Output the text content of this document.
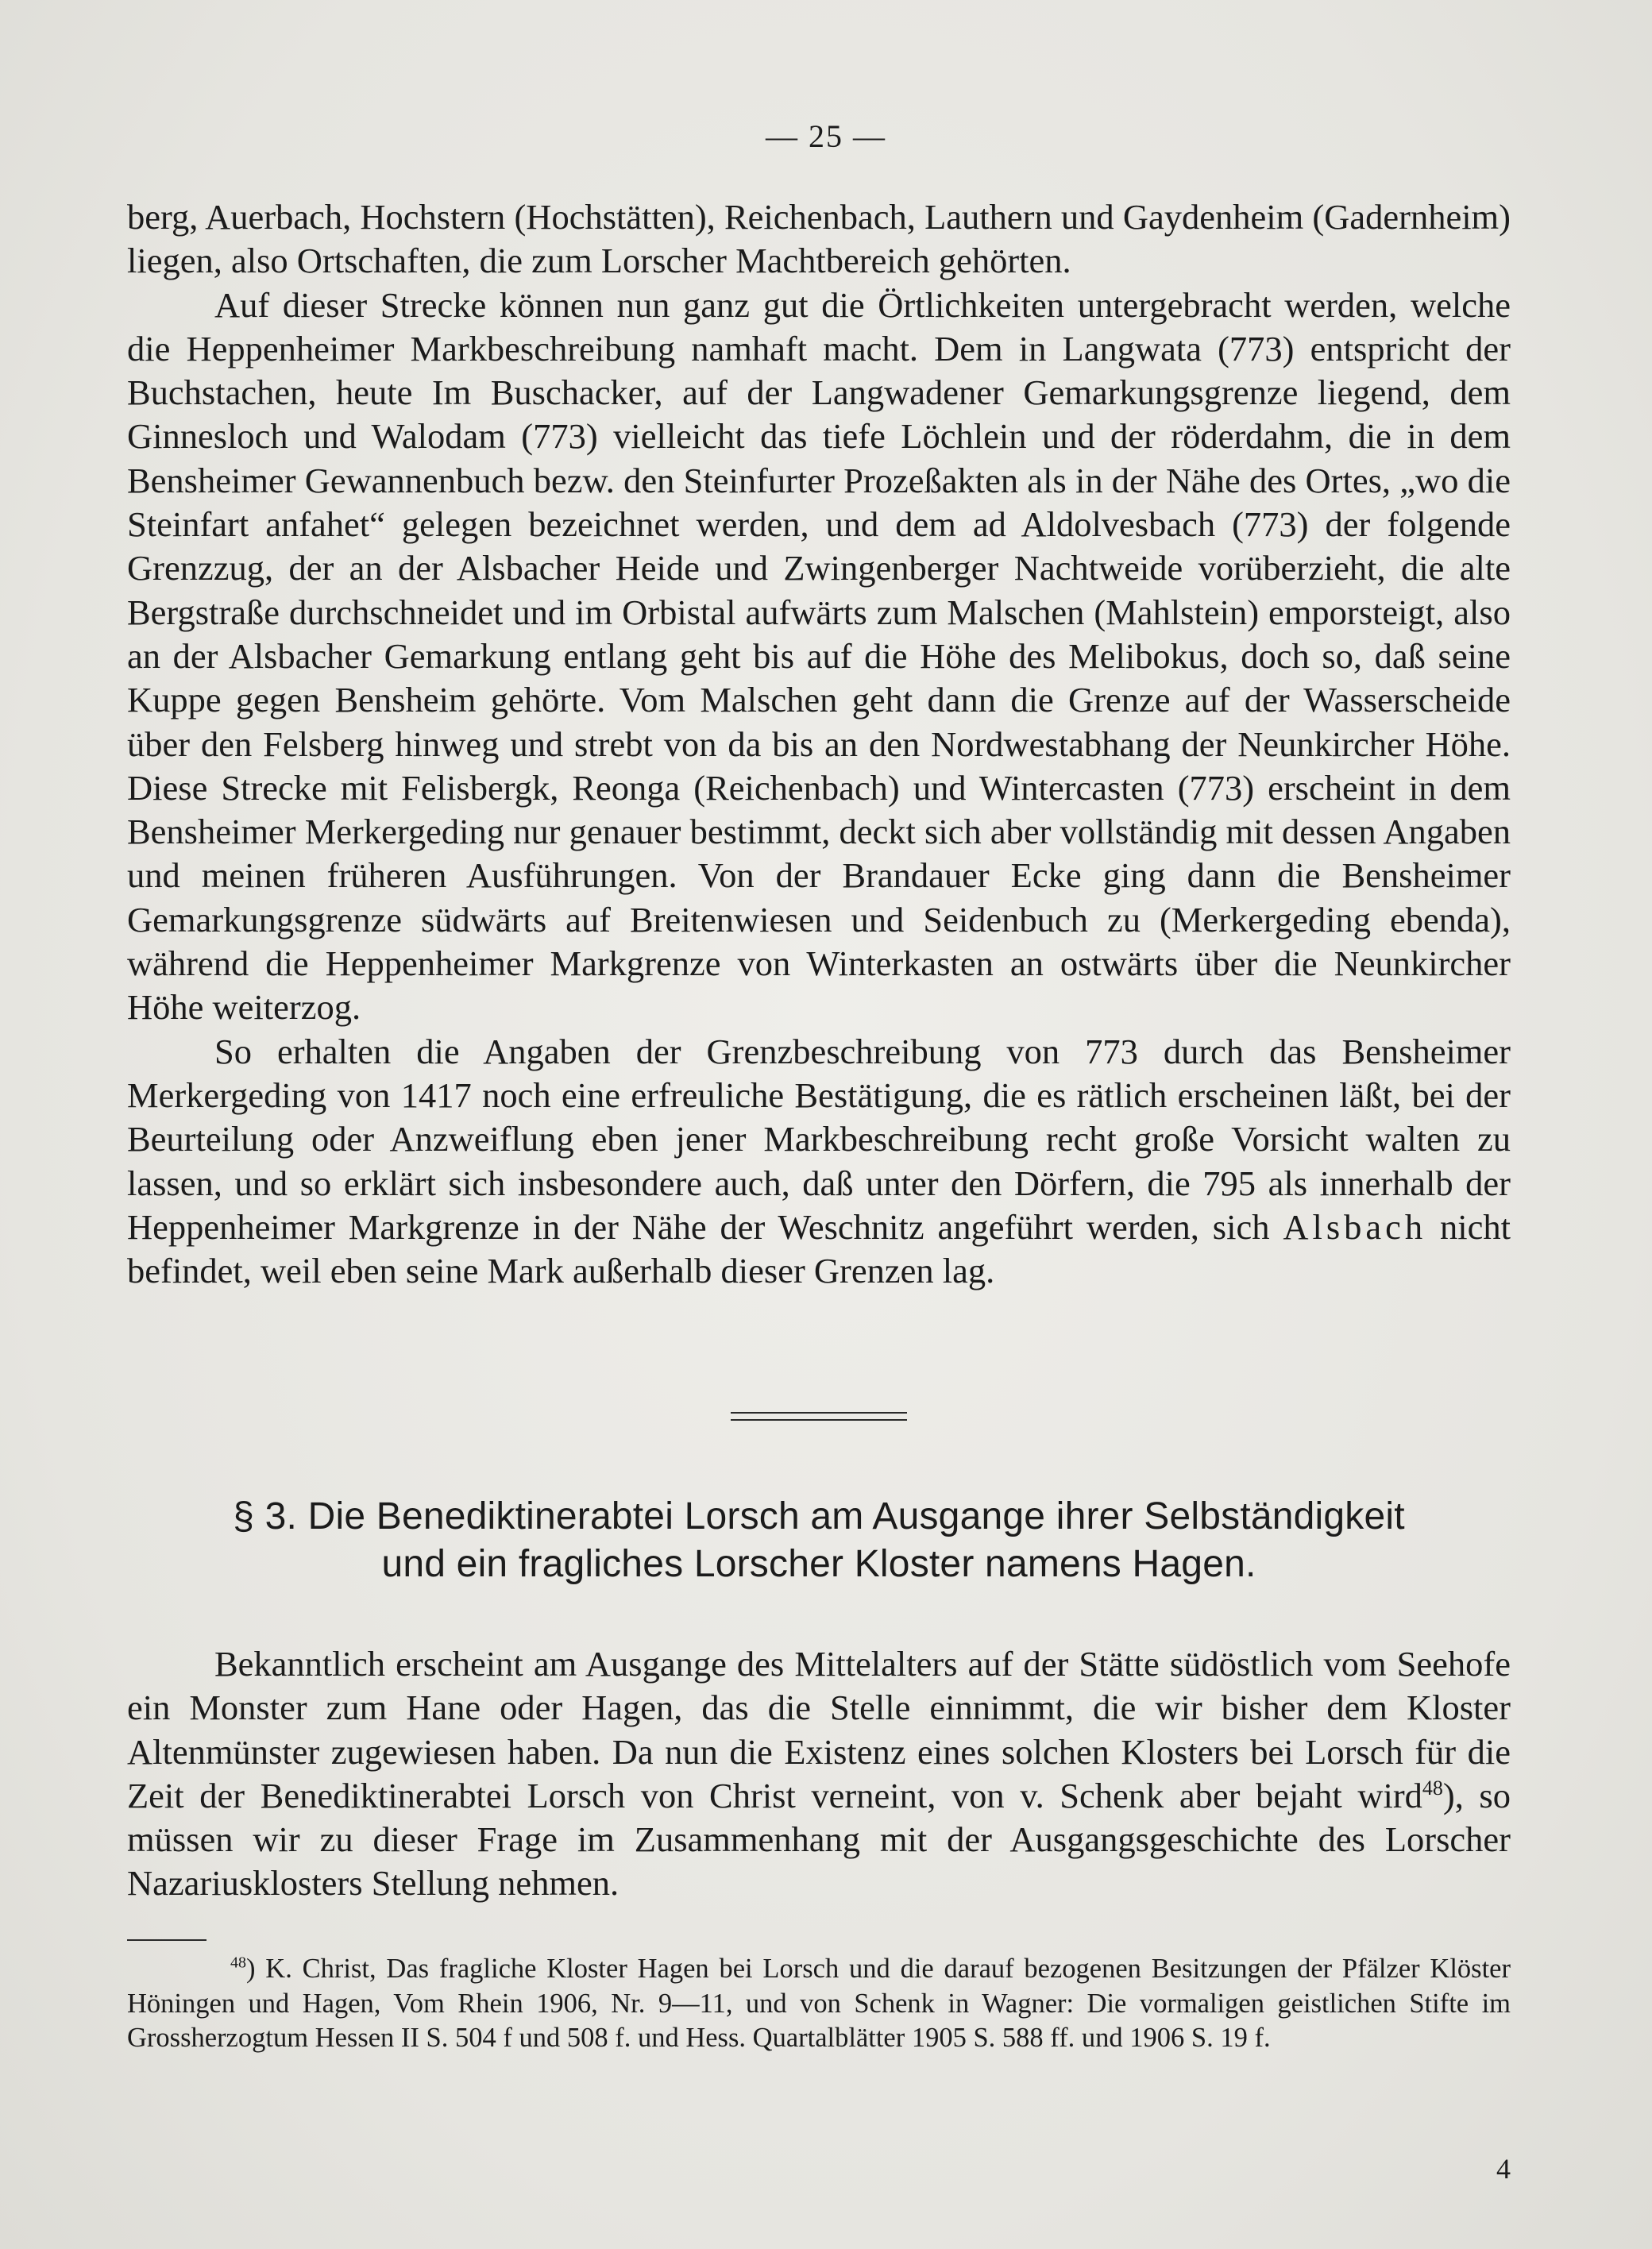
— 25 —

berg, Auerbach, Hochstern (Hochstätten), Reichenbach, Lauthern und Gaydenheim (Gadernheim) liegen, also Ortschaften, die zum Lorscher Machtbereich gehörten.

Auf dieser Strecke können nun ganz gut die Örtlichkeiten untergebracht werden, welche die Heppenheimer Markbeschreibung namhaft macht. Dem in Langwata (773) entspricht der Buchstachen, heute Im Buschacker, auf der Langwadener Gemarkungsgrenze liegend, dem Ginnesloch und Walodam (773) vielleicht das tiefe Löchlein und der röderdahm, die in dem Bensheimer Gewannenbuch bezw. den Steinfurter Prozeßakten als in der Nähe des Ortes, „wo die Steinfart anfahet“ gelegen bezeichnet werden, und dem ad Aldolvesbach (773) der folgende Grenzzug, der an der Alsbacher Heide und Zwingenberger Nachtweide vorüberzieht, die alte Bergstraße durchschneidet und im Orbistal aufwärts zum Malschen (Mahlstein) emporsteigt, also an der Alsbacher Gemarkung entlang geht bis auf die Höhe des Melibokus, doch so, daß seine Kuppe gegen Bensheim gehörte. Vom Malschen geht dann die Grenze auf der Wasserscheide über den Felsberg hinweg und strebt von da bis an den Nordwestabhang der Neunkircher Höhe. Diese Strecke mit Felisbergk, Reonga (Reichenbach) und Wintercasten (773) erscheint in dem Bensheimer Merkergeding nur genauer bestimmt, deckt sich aber vollständig mit dessen Angaben und meinen früheren Ausführungen. Von der Brandauer Ecke ging dann die Bensheimer Gemarkungsgrenze südwärts auf Breitenwiesen und Seidenbuch zu (Merkergeding ebenda), während die Heppenheimer Markgrenze von Winterkasten an ostwärts über die Neunkircher Höhe weiterzog.

So erhalten die Angaben der Grenzbeschreibung von 773 durch das Bensheimer Merkergeding von 1417 noch eine erfreuliche Bestätigung, die es rätlich erscheinen läßt, bei der Beurteilung oder Anzweiflung eben jener Markbeschreibung recht große Vorsicht walten zu lassen, und so erklärt sich insbesondere auch, daß unter den Dörfern, die 795 als innerhalb der Heppenheimer Markgrenze in der Nähe der Weschnitz angeführt werden, sich Alsbach nicht befindet, weil eben seine Mark außerhalb dieser Grenzen lag.

§ 3. Die Benediktinerabtei Lorsch am Ausgange ihrer Selbständigkeit
und ein fragliches Lorscher Kloster namens Hagen.

Bekanntlich erscheint am Ausgange des Mittelalters auf der Stätte südöstlich vom Seehofe ein Monster zum Hane oder Hagen, das die Stelle einnimmt, die wir bisher dem Kloster Altenmünster zugewiesen haben. Da nun die Existenz eines solchen Klosters bei Lorsch für die Zeit der Benediktinerabtei Lorsch von Christ verneint, von v. Schenk aber bejaht wird$^{48}$), so müssen wir zu dieser Frage im Zusammenhang mit der Ausgangsgeschichte des Lorscher Nazariusklosters Stellung nehmen.

$^{48}$) K. Christ, Das fragliche Kloster Hagen bei Lorsch und die darauf bezogenen Besitzungen der Pfälzer Klöster Höningen und Hagen, Vom Rhein 1906, Nr. 9—11, und von Schenk in Wagner: Die vormaligen geistlichen Stifte im Grossherzogtum Hessen II S. 504 f und 508 f. und Hess. Quartalblätter 1905 S. 588 ff. und 1906 S. 19 f.

4
